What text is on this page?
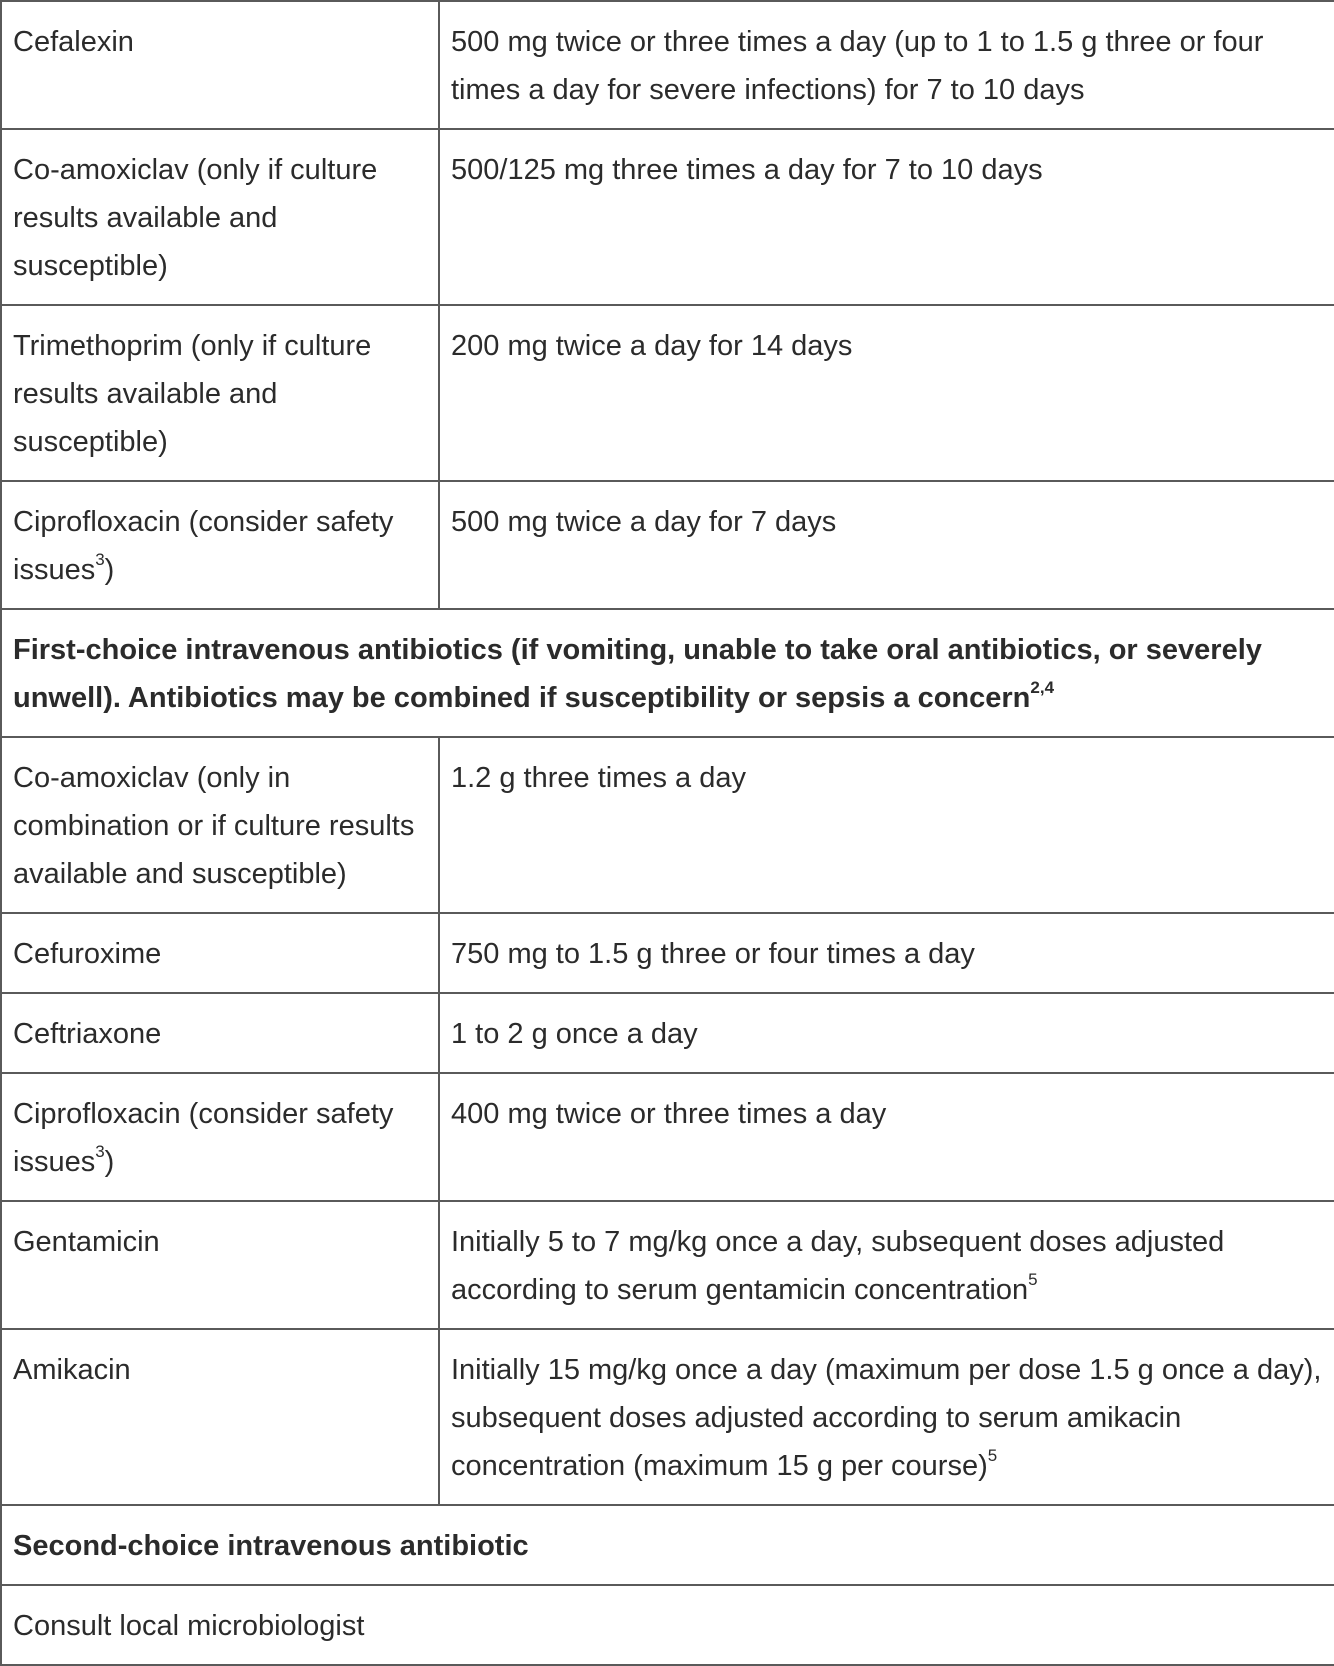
Cefalexin	500 mg twice or three times a day (up to 1 to 1.5 g three or four times a day for severe infections) for 7 to 10 days
Co-amoxiclav (only if culture results available and susceptible)	500/125 mg three times a day for 7 to 10 days
Trimethoprim (only if culture results available and susceptible)	200 mg twice a day for 14 days
Ciprofloxacin (consider safety issues$^3$)	500 mg twice a day for 7 days
First-choice intravenous antibiotics (if vomiting, unable to take oral antibiotics, or severely unwell). Antibiotics may be combined if susceptibility or sepsis a concern$^{2,4}$
Co-amoxiclav (only in combination or if culture results available and susceptible)	1.2 g three times a day
Cefuroxime	750 mg to 1.5 g three or four times a day
Ceftriaxone	1 to 2 g once a day
Ciprofloxacin (consider safety issues$^3$)	400 mg twice or three times a day
Gentamicin	Initially 5 to 7 mg/kg once a day, subsequent doses adjusted according to serum gentamicin concentration$^5$
Amikacin	Initially 15 mg/kg once a day (maximum per dose 1.5 g once a day), subsequent doses adjusted according to serum amikacin concentration (maximum 15 g per course)$^5$
Second-choice intravenous antibiotic	
Consult local microbiologist	
